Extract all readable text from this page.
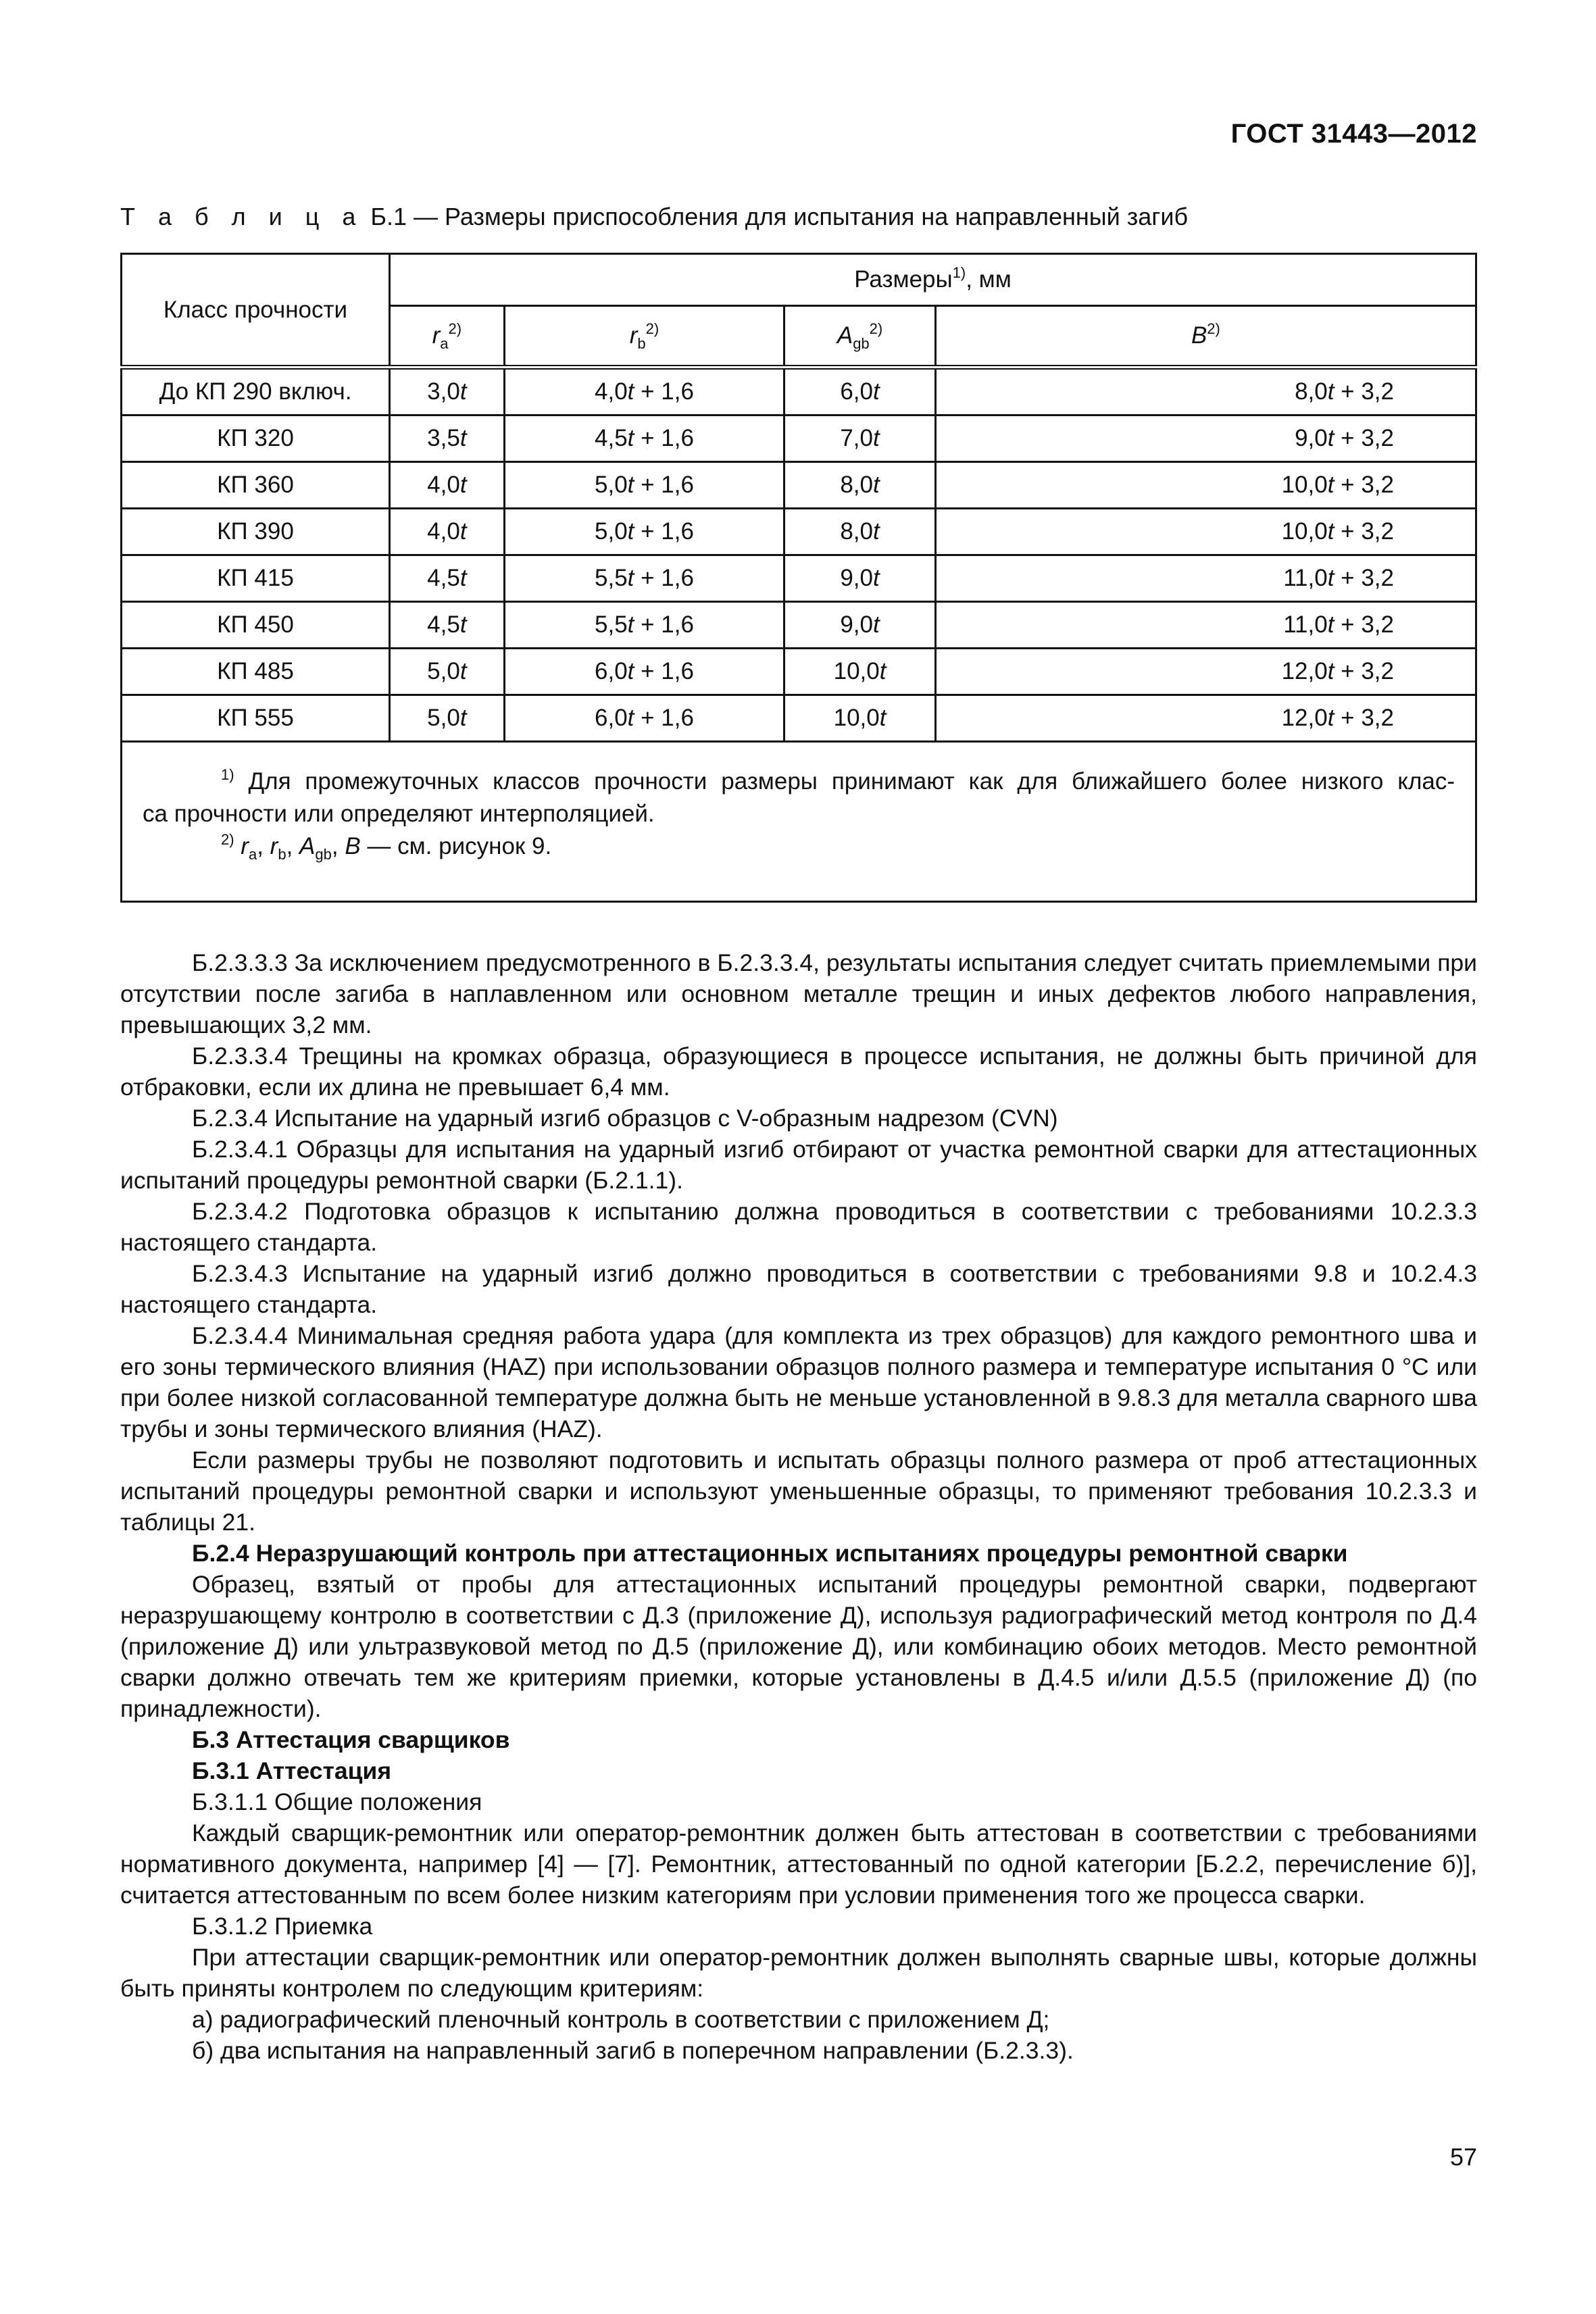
ГОСТ 31443—2012
Т а б л и ц а Б.1 — Размеры приспособления для испытания на направленный загиб
Класс прочности	Размеры$^{1)}$, мм			
	$r_a^{2)}$	$r_b^{2)}$	$A_{gb}^{2)}$	$B^{2)}$
До КП 290 включ.	3,0t	4,0t + 1,6	6,0t	8,0t + 3,2
КП 320	3,5t	4,5t + 1,6	7,0t	9,0t + 3,2
КП 360	4,0t	5,0t + 1,6	8,0t	10,0t + 3,2
КП 390	4,0t	5,0t + 1,6	8,0t	10,0t + 3,2
КП 415	4,5t	5,5t + 1,6	9,0t	11,0t + 3,2
КП 450	4,5t	5,5t + 1,6	9,0t	11,0t + 3,2
КП 485	5,0t	6,0t + 1,6	10,0t	12,0t + 3,2
КП 555	5,0t	6,0t + 1,6	10,0t	12,0t + 3,2

$^{1)}$ Для промежуточных классов прочности размеры принимают как для ближайшего более низкого клас-
са прочности или определяют интерполяцией.
$^{2)}$ $r_a$, $r_b$, $A_{gb}$, B — см. рисунок 9.				

Б.2.3.3.3 За исключением предусмотренного в Б.2.3.3.4, результаты испытания следует считать приемлемыми при отсутствии после загиба в наплавленном или основном металле трещин и иных дефектов любого направления, превышающих 3,2 мм.

Б.2.3.3.4 Трещины на кромках образца, образующиеся в процессе испытания, не должны быть причиной для отбраковки, если их длина не превышает 6,4 мм.

Б.2.3.4 Испытание на ударный изгиб образцов с V-образным надрезом (CVN)

Б.2.3.4.1 Образцы для испытания на ударный изгиб отбирают от участка ремонтной сварки для аттестационных испытаний процедуры ремонтной сварки (Б.2.1.1).

Б.2.3.4.2 Подготовка образцов к испытанию должна проводиться в соответствии с требованиями 10.2.3.3 настоящего стандарта.

Б.2.3.4.3 Испытание на ударный изгиб должно проводиться в соответствии с требованиями 9.8 и 10.2.4.3 настоящего стандарта.

Б.2.3.4.4 Минимальная средняя работа удара (для комплекта из трех образцов) для каждого ремонтного шва и его зоны термического влияния (HAZ) при использовании образцов полного размера и температуре испытания 0 °С или при более низкой согласованной температуре должна быть не меньше установленной в 9.8.3 для металла сварного шва трубы и зоны термического влияния (HAZ).

Если размеры трубы не позволяют подготовить и испытать образцы полного размера от проб аттестационных испытаний процедуры ремонтной сварки и используют уменьшенные образцы, то применяют требования 10.2.3.3 и таблицы 21.

Б.2.4 Неразрушающий контроль при аттестационных испытаниях процедуры ремонтной сварки

Образец, взятый от пробы для аттестационных испытаний процедуры ремонтной сварки, подвергают неразрушающему контролю в соответствии с Д.3 (приложение Д), используя радиографический метод контроля по Д.4 (приложение Д) или ультразвуковой метод по Д.5 (приложение Д), или комбинацию обоих методов. Место ремонтной сварки должно отвечать тем же критериям приемки, которые установлены в Д.4.5 и/или Д.5.5 (приложение Д) (по принадлежности).

Б.3 Аттестация сварщиков

Б.3.1 Аттестация

Б.3.1.1 Общие положения

Каждый сварщик-ремонтник или оператор-ремонтник должен быть аттестован в соответствии с требованиями нормативного документа, например [4] — [7]. Ремонтник, аттестованный по одной категории [Б.2.2, перечисление б)], считается аттестованным по всем более низким категориям при условии применения того же процесса сварки.

Б.3.1.2 Приемка

При аттестации сварщик-ремонтник или оператор-ремонтник должен выполнять сварные швы, которые должны быть приняты контролем по следующим критериям:

а) радиографический пленочный контроль в соответствии с приложением Д;

б) два испытания на направленный загиб в поперечном направлении (Б.2.3.3).

57
